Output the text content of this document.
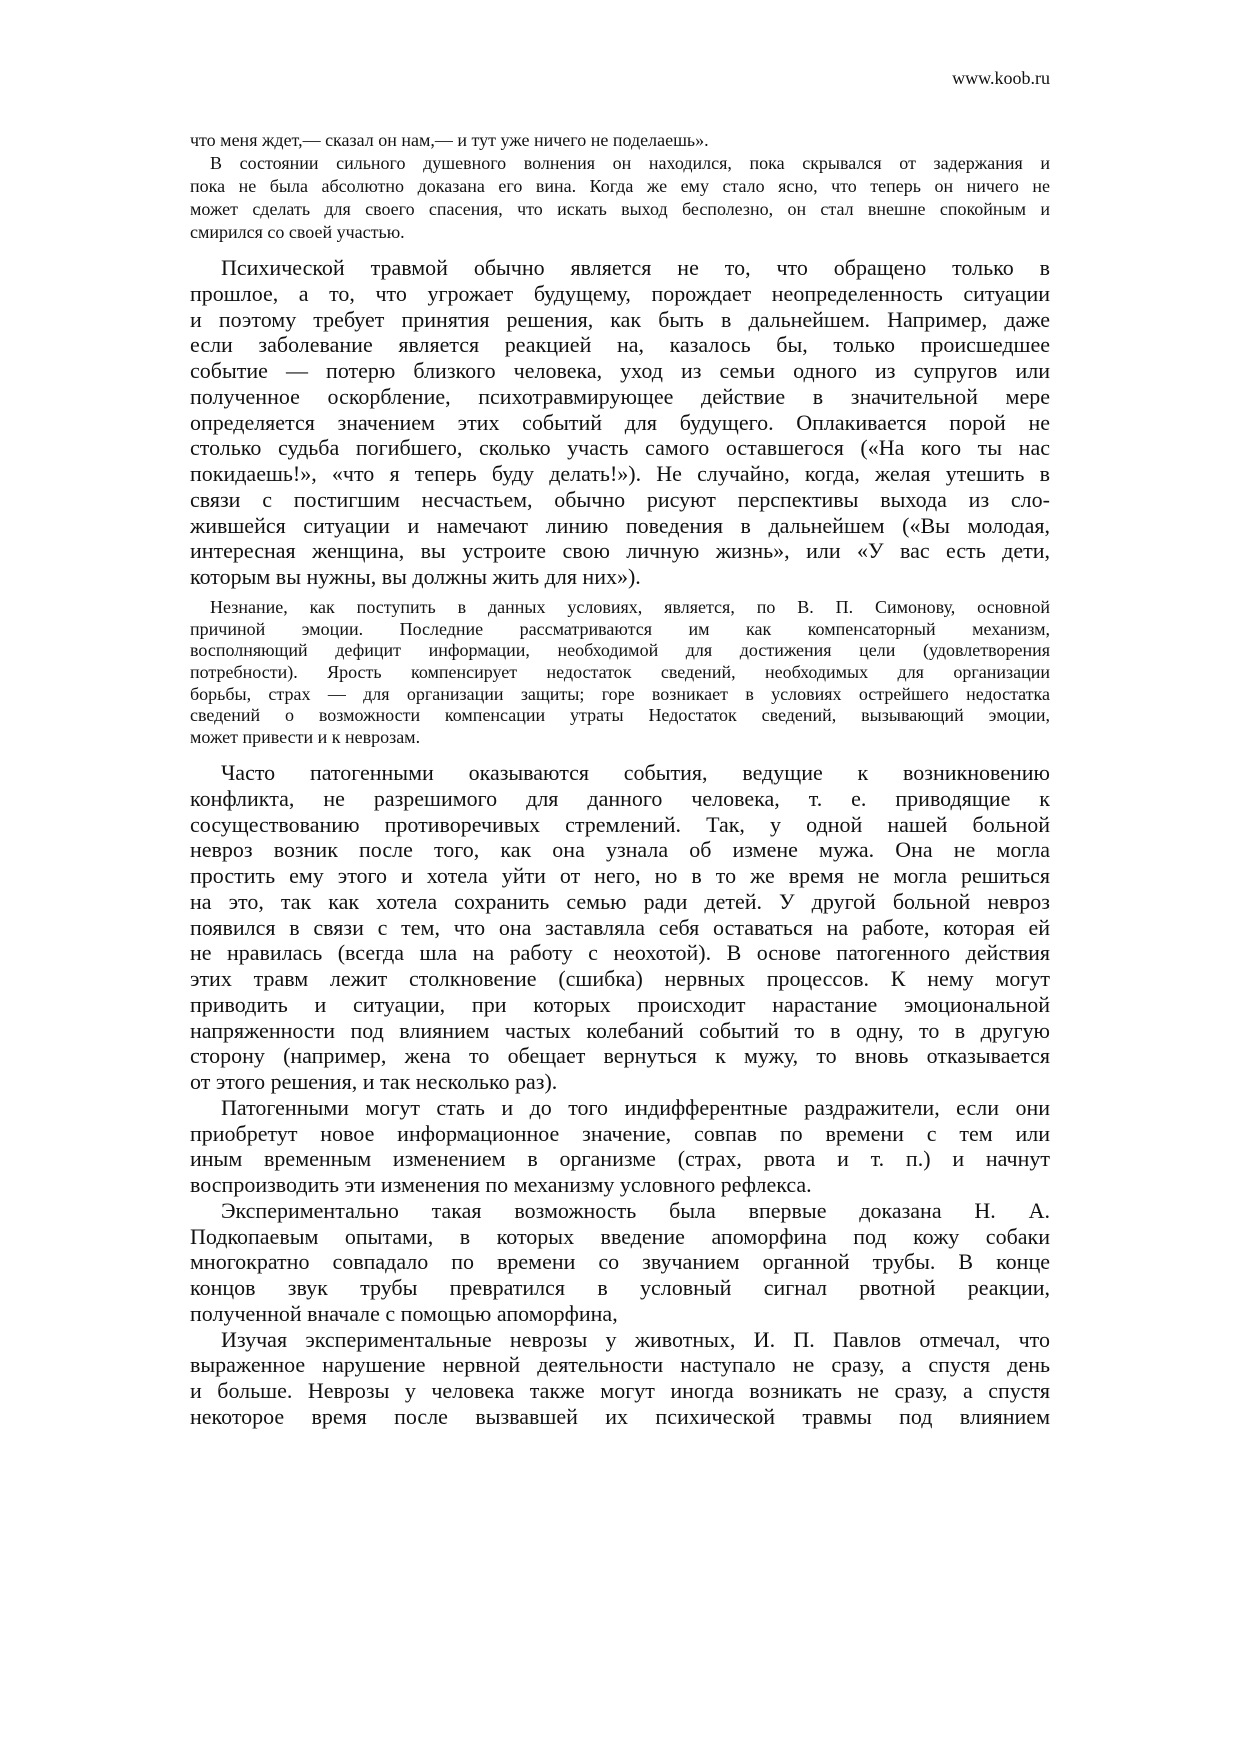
www.koob.ru
что меня ждет,— сказал он нам,— и тут уже ничего не поделаешь».
В состоянии сильного душевного волнения он находился, пока скрывался от задержания и
пока не была абсолютно доказана его вина. Когда же ему стало ясно, что теперь он ничего не
может сделать для своего спасения, что искать выход бесполезно, он стал внешне спокойным и
смирился со своей участью.
Психической травмой обычно является не то, что обращено только в
прошлое, а то, что угрожает будущему, порождает неопределенность ситуации
и поэтому требует принятия решения, как быть в дальнейшем. Например, даже
если заболевание является реакцией на, казалось бы, только происшедшее
событие — потерю близкого человека, уход из семьи одного из супругов или
полученное оскорбление, психотравмирующее действие в значительной мере
определяется значением этих событий для будущего. Оплакивается порой не
столько судьба погибшего, сколько участь самого оставшегося («На кого ты нас
покидаешь!», «что я теперь буду делать!»). Не случайно, когда, желая утешить в
связи с постигшим несчастьем, обычно рисуют перспективы выхода из сло-
жившейся ситуации и намечают линию поведения в дальнейшем («Вы молодая,
интересная женщина, вы устроите свою личную жизнь», или «У вас есть дети,
которым вы нужны, вы должны жить для них»).
Незнание, как поступить в данных условиях, является, по В. П. Симонову, основной
причиной эмоции. Последние рассматриваются им как компенсаторный механизм,
восполняющий дефицит информации, необходимой для достижения цели (удовлетворения
потребности). Ярость компенсирует недостаток сведений, необходимых для организации
борьбы, страх — для организации защиты; горе возникает в условиях острейшего недостатка
сведений о возможности компенсации утраты Недостаток сведений, вызывающий эмоции,
может привести и к неврозам.
Часто патогенными оказываются события, ведущие к возникновению
конфликта, не разрешимого для данного человека, т. е. приводящие к
сосуществованию противоречивых стремлений. Так, у одной нашей больной
невроз возник после того, как она узнала об измене мужа. Она не могла
простить ему этого и хотела уйти от него, но в то же время не могла решиться
на это, так как хотела сохранить семью ради детей. У другой больной невроз
появился в связи с тем, что она заставляла себя оставаться на работе, которая ей
не нравилась (всегда шла на работу с неохотой). В основе патогенного действия
этих травм лежит столкновение (сшибка) нервных процессов. К нему могут
приводить и ситуации, при которых происходит нарастание эмоциональной
напряженности под влиянием частых колебаний событий то в одну, то в другую
сторону (например, жена то обещает вернуться к мужу, то вновь отказывается
от этого решения, и так несколько раз).
Патогенными могут стать и до того индифферентные раздражители, если они
приобретут новое информационное значение, совпав по времени с тем или
иным временным изменением в организме (страх, рвота и т. п.) и начнут
воспроизводить эти изменения по механизму условного рефлекса.
Экспериментально такая возможность была впервые доказана Н. А.
Подкопаевым опытами, в которых введение апоморфина под кожу собаки
многократно совпадало по времени со звучанием органной трубы. В конце
концов звук трубы превратился в условный сигнал рвотной реакции,
полученной вначале с помощью апоморфина,
Изучая экспериментальные неврозы у животных, И. П. Павлов отмечал, что
выраженное нарушение нервной деятельности наступало не сразу, а спустя день
и больше. Неврозы у человека также могут иногда возникать не сразу, а спустя
некоторое время после вызвавшей их психической травмы под влиянием
